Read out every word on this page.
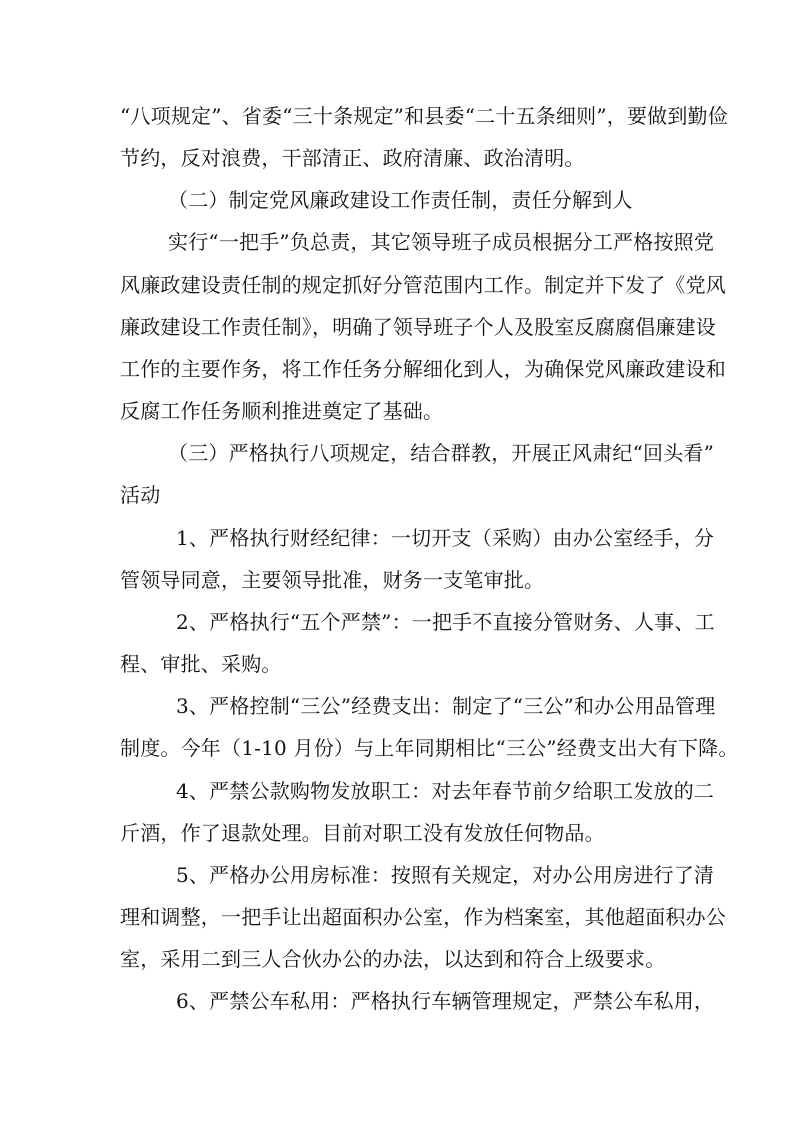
“八项规定”、省委“三十条规定”和县委“二十五条细则”，要做到勤俭
节约，反对浪费，干部清正、政府清廉、政治清明。
（二）制定党风廉政建设工作责任制，责任分解到人
实行“一把手”负总责，其它领导班子成员根据分工严格按照党
风廉政建设责任制的规定抓好分管范围内工作。制定并下发了《党风
廉政建设工作责任制》，明确了领导班子个人及股室反腐腐倡廉建设
工作的主要作务，将工作任务分解细化到人，为确保党风廉政建设和
反腐工作任务顺利推进奠定了基础。
（三）严格执行八项规定，结合群教，开展正风肃纪“回头看”
活动
1、严格执行财经纪律：一切开支（采购）由办公室经手，分
管领导同意，主要领导批准，财务一支笔审批。
2、严格执行“五个严禁”：一把手不直接分管财务、人事、工
程、审批、采购。
3、严格控制“三公”经费支出：制定了“三公”和办公用品管理
制度。今年（1-10 月份）与上年同期相比“三公”经费支出大有下降。
4、严禁公款购物发放职工：对去年春节前夕给职工发放的二
斤酒，作了退款处理。目前对职工没有发放任何物品。
5、严格办公用房标准：按照有关规定，对办公用房进行了清
理和调整，一把手让出超面积办公室，作为档案室，其他超面积办公
室，采用二到三人合伙办公的办法，以达到和符合上级要求。
6、严禁公车私用：严格执行车辆管理规定，严禁公车私用，
